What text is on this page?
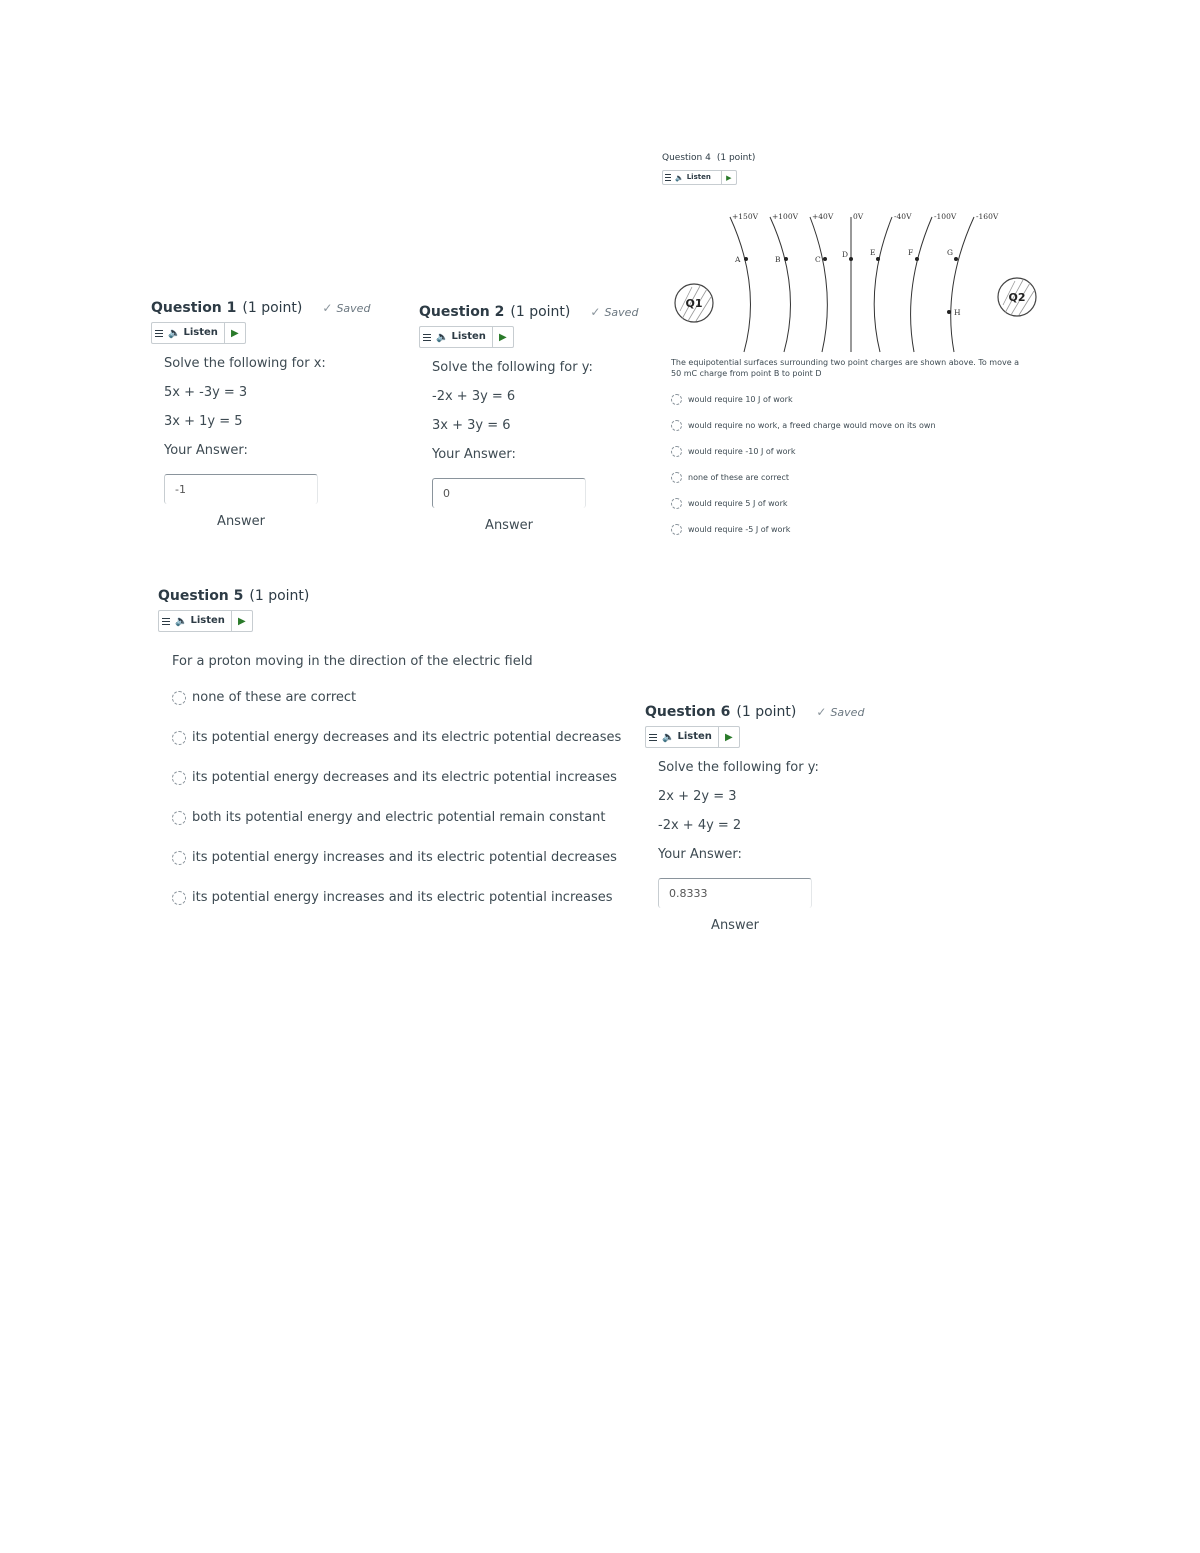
Question 1 (1 point) ✓ Saved
🔈 Listen	▶
Solve the following for x:
5x + -3y = 3
3x + 1y = 5
Your Answer:
-1
Answer
Question 2 (1 point) ✓ Saved
🔈 Listen	▶
Solve the following for y:
-2x + 3y = 6
3x + 3y = 6
Your Answer:
0
Answer
Question 4 (1 point)
🔈 Listen	▶
Q1	Q2
+150V +100V +40V	0V	-40V	-100V	-160V
A	B	C
D	E	F	G
H
The equipotential surfaces surrounding two point charges are shown above. To move a 50 mC charge from point B to point D
would require 10 J of work
would require no work, a freed charge would move on its own
would require -10 J of work
none of these are correct
would require 5 J of work
would require -5 J of work
Question 5 (1 point)
🔈 Listen	▶
For a proton moving in the direction of the electric field
none of these are correct
its potential energy decreases and its electric potential decreases
its potential energy decreases and its electric potential increases
both its potential energy and electric potential remain constant
its potential energy increases and its electric potential decreases
its potential energy increases and its electric potential increases
Question 6 (1 point) ✓ Saved
🔈 Listen	▶
Solve the following for y:
2x + 2y = 3
-2x + 4y = 2
Your Answer:
0.8333
Answer
